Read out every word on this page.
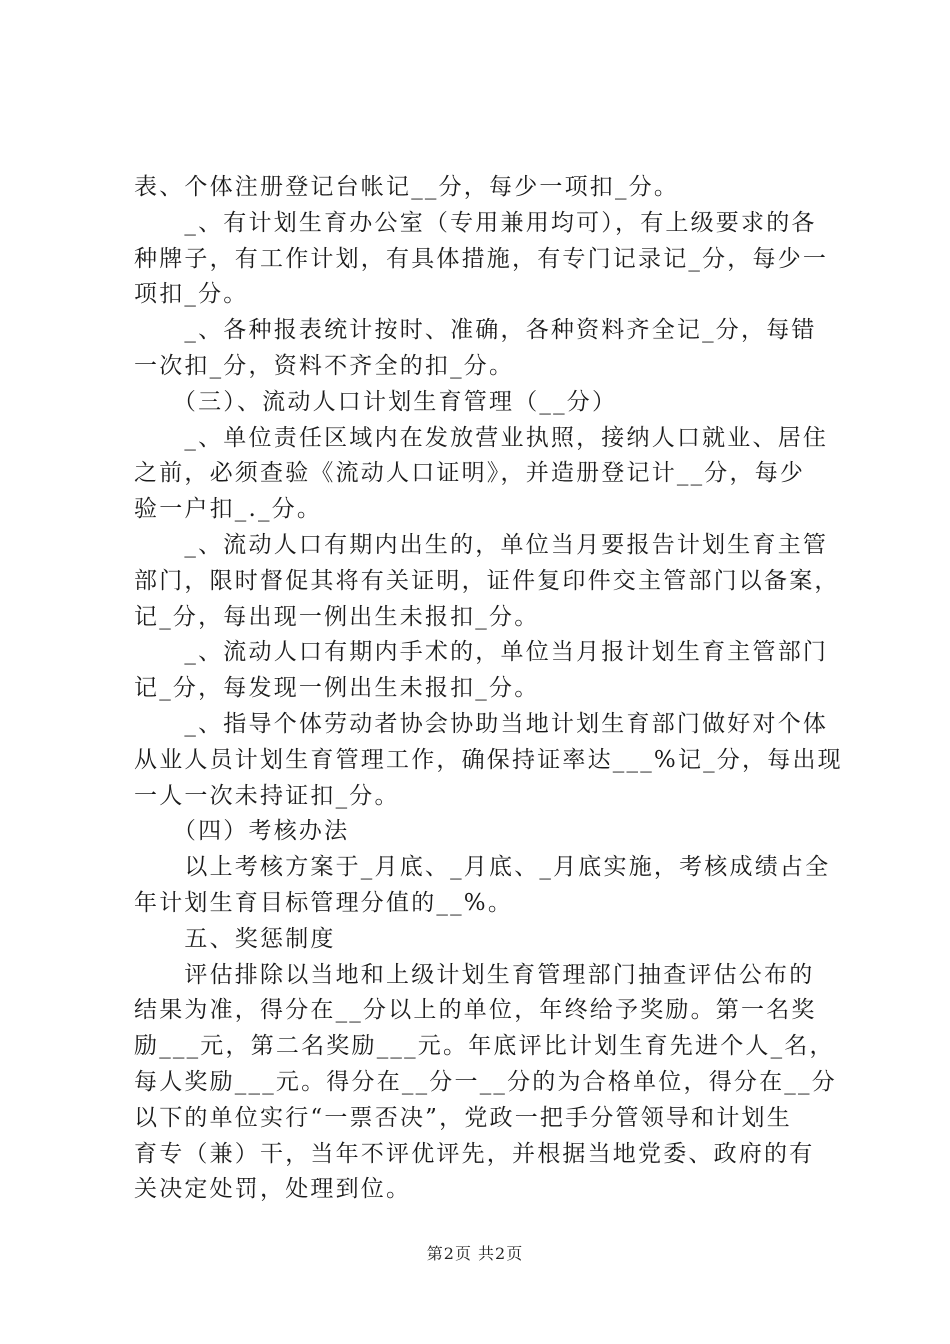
表、个体注册登记台帐记__分，每少一项扣_分。
　　_、有计划生育办公室（专用兼用均可），有上级要求的各
种牌子，有工作计划，有具体措施，有专门记录记_分，每少一
项扣_分。
　　_、各种报表统计按时、准确，各种资料齐全记_分，每错
一次扣_分，资料不齐全的扣_分。
　　（三）、流动人口计划生育管理（__分）
　　_、单位责任区域内在发放营业执照，接纳人口就业、居住
之前，必须查验《流动人口证明》，并造册登记计__分，每少
验一户扣_._分。
　　_、流动人口有期内出生的，单位当月要报告计划生育主管
部门，限时督促其将有关证明，证件复印件交主管部门以备案，
记_分，每出现一例出生未报扣_分。
　　_、流动人口有期内手术的，单位当月报计划生育主管部门
记_分，每发现一例出生未报扣_分。
　　_、指导个体劳动者协会协助当地计划生育部门做好对个体
从业人员计划生育管理工作，确保持证率达___%记_分，每出现
一人一次未持证扣_分。
　　（四）考核办法
　　以上考核方案于_月底、_月底、_月底实施，考核成绩占全
年计划生育目标管理分值的__%。
　　五、奖惩制度
　　评估排除以当地和上级计划生育管理部门抽查评估公布的
结果为准，得分在__分以上的单位，年终给予奖励。第一名奖
励___元，第二名奖励___元。年底评比计划生育先进个人_名，
每人奖励___元。得分在__分一__分的为合格单位，得分在__分
以下的单位实行“一票否决”，党政一把手分管领导和计划生
育专（兼）干，当年不评优评先，并根据当地党委、政府的有
关决定处罚，处理到位。
第2页 共2页
